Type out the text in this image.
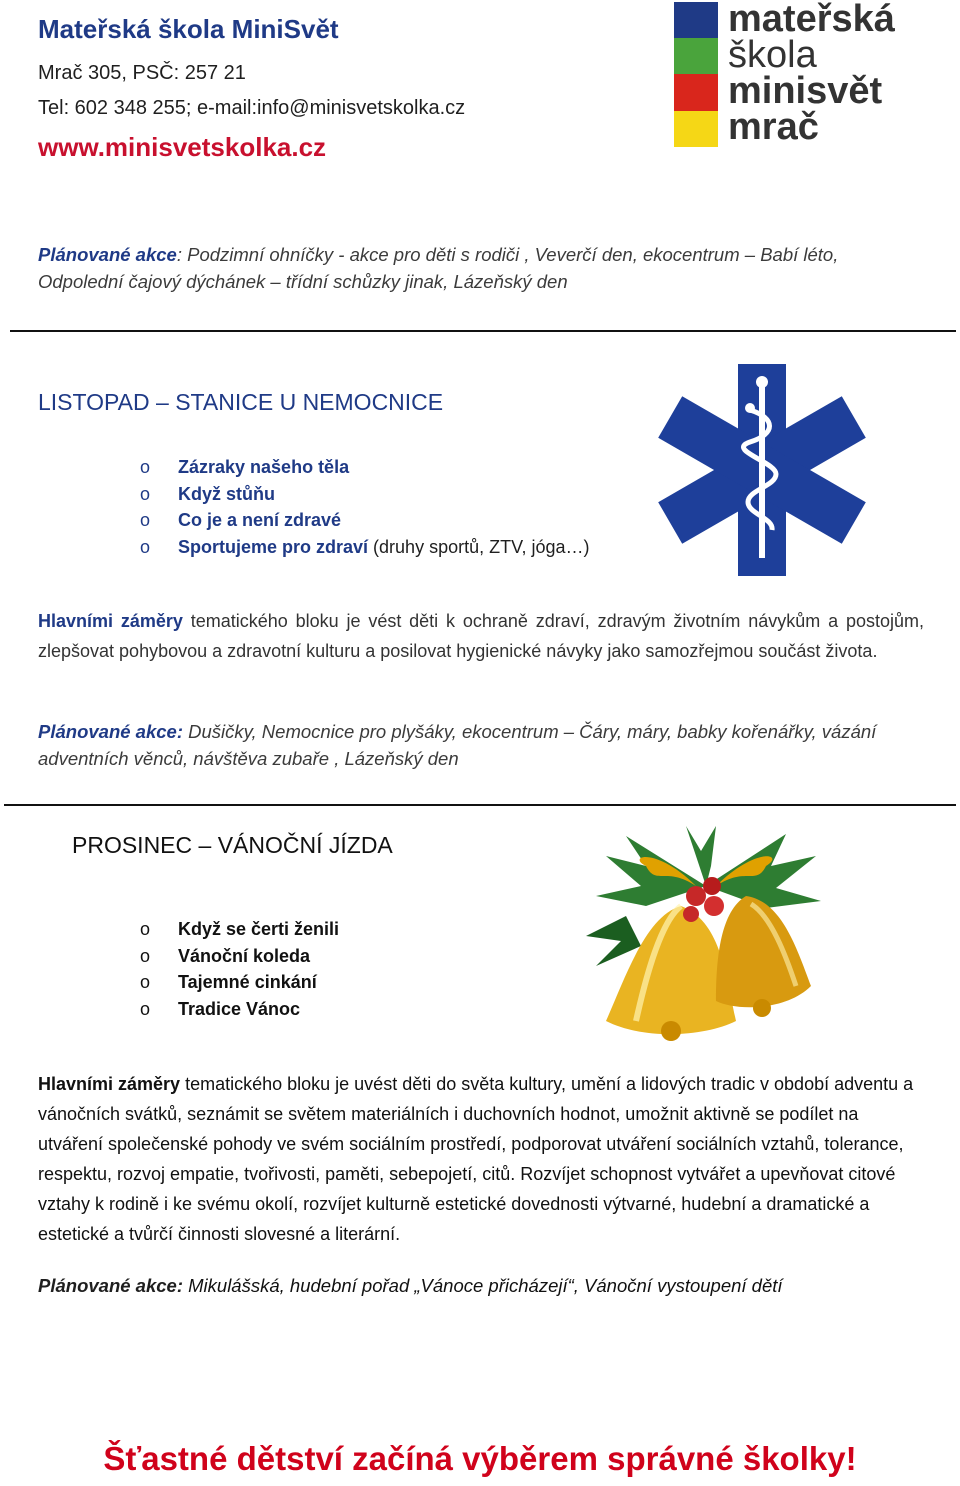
Mateřská škola MiniSvět
Mrač 305, PSČ: 257 21
Tel: 602 348 255; e-mail:info@minisvetskolka.cz
www.minisvetskolka.cz
mateřská
škola
minisvět
mrač
Plánované akce: Podzimní ohníčky - akce pro děti s rodiči , Veverčí den, ekocentrum – Babí léto, Odpolední čajový dýchánek – třídní schůzky jinak, Lázeňský den
LISTOPAD – STANICE U NEMOCNICE
o Zázraky našeho těla
o Když stůňu
o Co je a není zdravé
o Sportujeme pro zdraví (druhy sportů, ZTV, jóga…)
Hlavními záměry tematického bloku je vést děti k ochraně zdraví, zdravým životním návykům a postojům, zlepšovat pohybovou a zdravotní kulturu a posilovat hygienické návyky jako samozřejmou součást života.
Plánované akce: Dušičky, Nemocnice pro plyšáky, ekocentrum – Čáry, máry, babky kořenářky, vázání adventních věnců, návštěva zubaře , Lázeňský den
PROSINEC – VÁNOČNÍ JÍZDA
o Když se čerti ženili
o Vánoční koleda
o Tajemné cinkání
o Tradice Vánoc
Hlavními záměry tematického bloku je uvést děti do světa kultury, umění a lidových tradic v období adventu a vánočních svátků, seznámit se světem materiálních i duchovních hodnot, umožnit aktivně se podílet na utváření společenské pohody ve svém sociálním prostředí, podporovat utváření sociálních vztahů, tolerance, respektu, rozvoj empatie, tvořivosti, paměti, sebepojetí, citů. Rozvíjet schopnost vytvářet a upevňovat citové vztahy k rodině i ke svému okolí, rozvíjet kulturně estetické dovednosti výtvarné, hudební a dramatické a estetické a tvůrčí činnosti slovesné a literární.
Plánované akce: Mikulášská, hudební pořad „Vánoce přicházejí“, Vánoční vystoupení dětí
Šťastné dětství začíná výběrem správné školky!
